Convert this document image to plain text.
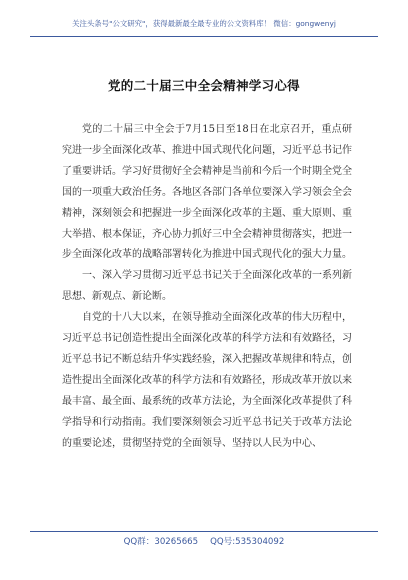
关注头条号"公文研究"，获得最新最全最专业的公文资料库！ 微信：gongwenyj
党的二十届三中全会精神学习心得

党的二十届三中全会于7月15日至18日在北京召开，重点研究进一步全面深化改革、推进中国式现代化问题，习近平总书记作了重要讲话。学习好贯彻好全会精神是当前和今后一个时期全党全国的一项重大政治任务。各地区各部门各单位要深入学习领会全会精神，深刻领会和把握进一步全面深化改革的主题、重大原则、重大举措、根本保证，齐心协力抓好三中全会精神贯彻落实，把进一步全面深化改革的战略部署转化为推进中国式现代化的强大力量。

一、深入学习贯彻习近平总书记关于全面深化改革的一系列新思想、新观点、新论断。

自党的十八大以来，在领导推动全面深化改革的伟大历程中，习近平总书记创造性提出全面深化改革的科学方法和有效路径，习近平总书记不断总结升华实践经验，深入把握改革规律和特点，创造性提出全面深化改革的科学方法和有效路径，形成改革开放以来最丰富、最全面、最系统的改革方法论，为全面深化改革提供了科学指导和行动指南。我们要深刻领会习近平总书记关于改革方法论的重要论述，贯彻坚持党的全面领导、坚持以人民为中心、

QQ群：30265665 QQ号:535304092
